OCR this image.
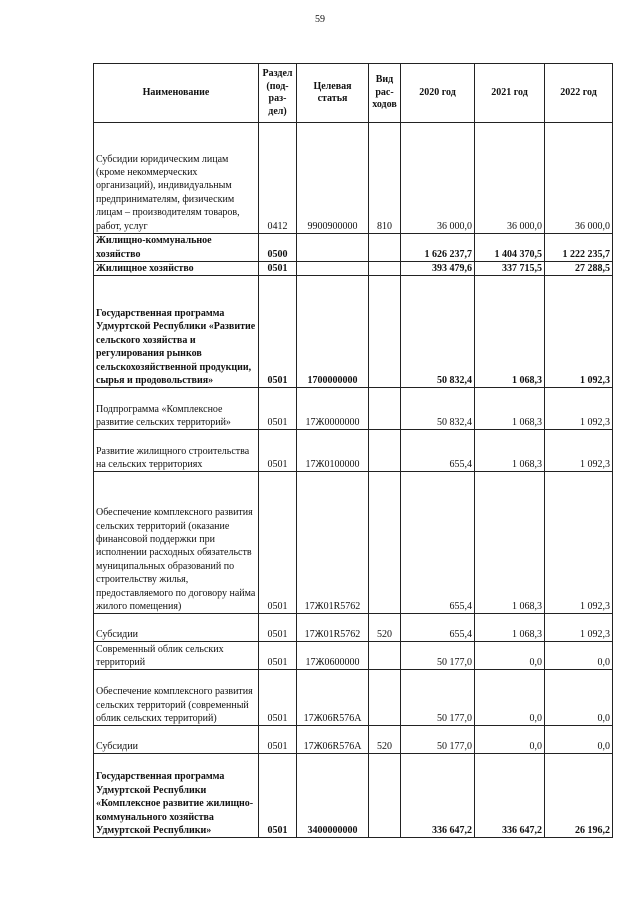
59
Наименование	Раздел (под-раз-дел)	Целевая статья	Вид рас-ходов	2020 год	2021 год	2022 год
Субсидии юридическим лицам (кроме некоммерческих организаций), индивидуальным предпринимателям, физическим лицам – производителям товаров, работ, услуг	0412	9900900000	810	36 000,0	36 000,0	36 000,0
Жилищно-коммунальное хозяйство	0500			1 626 237,7	1 404 370,5	1 222 235,7
Жилищное хозяйство	0501			393 479,6	337 715,5	27 288,5
Государственная программа Удмуртской Республики «Развитие сельского хозяйства и регулирования рынков сельскохозяйственной продукции, сырья и продовольствия»	0501	1700000000		50 832,4	1 068,3	1 092,3
Подпрограмма «Комплексное развитие сельских территорий»	0501	17Ж0000000		50 832,4	1 068,3	1 092,3
Развитие жилищного строительства на сельских территориях	0501	17Ж0100000		655,4	1 068,3	1 092,3
Обеспечение комплексного развития сельских территорий (оказание финансовой поддержки при исполнении расходных обязательств муниципальных образований по строительству жилья, предоставляемого по договору найма жилого помещения)	0501	17Ж01R5762		655,4	1 068,3	1 092,3
Субсидии	0501	17Ж01R5762	520	655,4	1 068,3	1 092,3
Современный облик сельских территорий	0501	17Ж0600000		50 177,0	0,0	0,0
Обеспечение комплексного развития сельских территорий (современный облик сельских территорий)	0501	17Ж06R576А		50 177,0	0,0	0,0
Субсидии	0501	17Ж06R576А	520	50 177,0	0,0	0,0
Государственная программа Удмуртской Республики «Комплексное развитие жилищно-коммунального хозяйства Удмуртской Республики»	0501	3400000000		336 647,2	336 647,2	26 196,2
